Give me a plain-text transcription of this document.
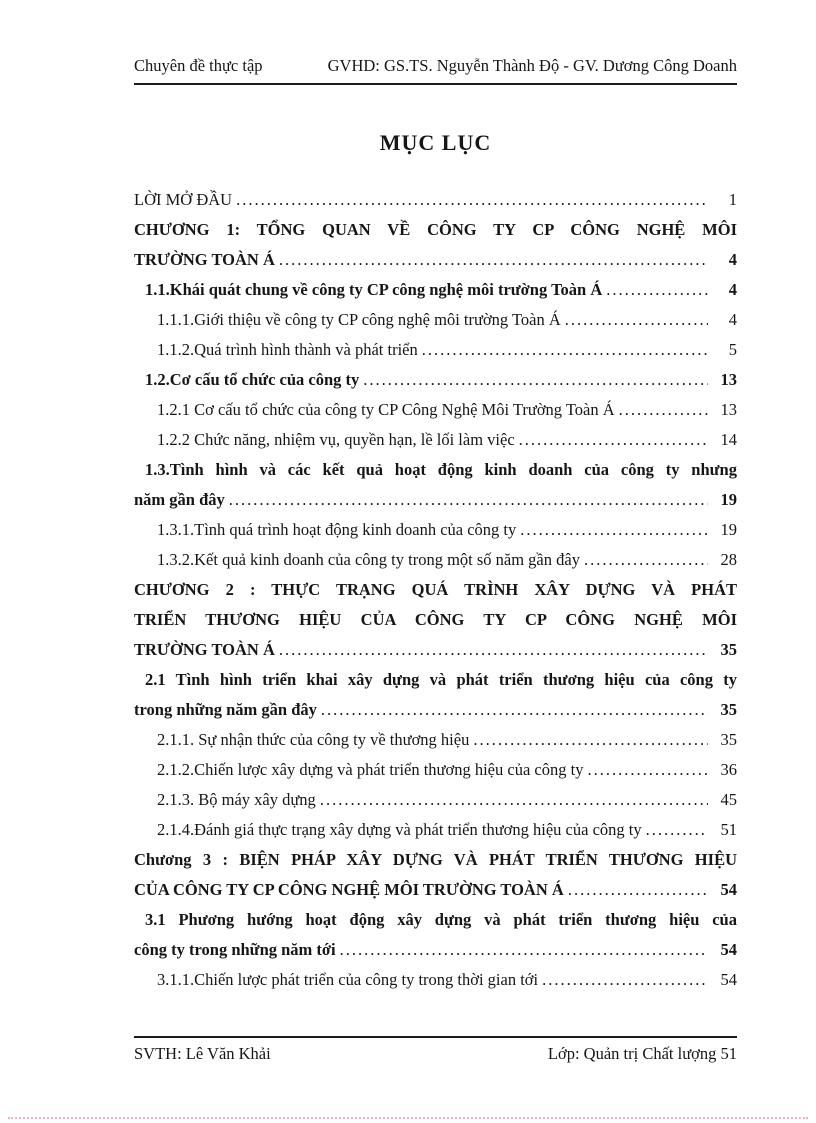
Chuyên đề thực tập	GVHD: GS.TS. Nguyễn Thành Độ - GV. Dương Công Doanh
MỤC LỤC
LỜI MỞ ĐẦU .....	1
CHƯƠNG 1: TỔNG QUAN VỀ CÔNG TY CP CÔNG NGHỆ MÔI
TRƯỜNG TOÀN Á .....	4
1.1.Khái quát chung về công ty CP công nghệ môi trường Toàn Á .....	4
1.1.1.Giới thiệu về công ty CP công nghệ môi trường Toàn Á .....	4
1.1.2.Quá trình hình thành và phát triển .....	5
1.2.Cơ cấu tổ chức của công ty .....	13
1.2.1 Cơ cấu tổ chức của công ty CP Công Nghệ Môi Trường Toàn Á .....	13
1.2.2 Chức năng, nhiệm vụ, quyền hạn, lề lối làm việc .....	14
1.3.Tình hình và các kết quả hoạt động kinh doanh của công ty nhưng
năm gần đây .....	19
1.3.1.Tình quá trình hoạt động kinh doanh của công ty .....	19
1.3.2.Kết quả kinh doanh của công ty trong một số năm gần đây .....	28
CHƯƠNG 2 : THỰC TRẠNG QUÁ TRÌNH XÂY DỰNG VÀ PHÁT
TRIỂN THƯƠNG HIỆU CỦA CÔNG TY CP CÔNG NGHỆ MÔI
TRƯỜNG TOÀN Á .....	35
2.1 Tình hình triển khai xây dựng và phát triển thương hiệu của công ty
trong những năm gần đây .....	35
2.1.1. Sự nhận thức của công ty về thương hiệu .....	35
2.1.2.Chiến lược xây dựng và phát triển thương hiệu của công ty .....	36
2.1.3. Bộ máy xây dựng .....	45
2.1.4.Đánh giá thực trạng xây dựng và phát triển thương hiệu của công ty .....	51
Chương 3 : BIỆN PHÁP XÂY DỰNG VÀ PHÁT TRIỂN THƯƠNG HIỆU
CỦA CÔNG TY CP CÔNG NGHỆ MÔI TRƯỜNG TOÀN Á .....	54
3.1 Phương hướng hoạt động xây dựng và phát triển thương hiệu của
công ty trong những năm tới .....	54
3.1.1.Chiến lược phát triển của công ty trong thời gian tới .....	54
SVTH: Lê Văn Khải	Lớp: Quản trị Chất lượng 51
